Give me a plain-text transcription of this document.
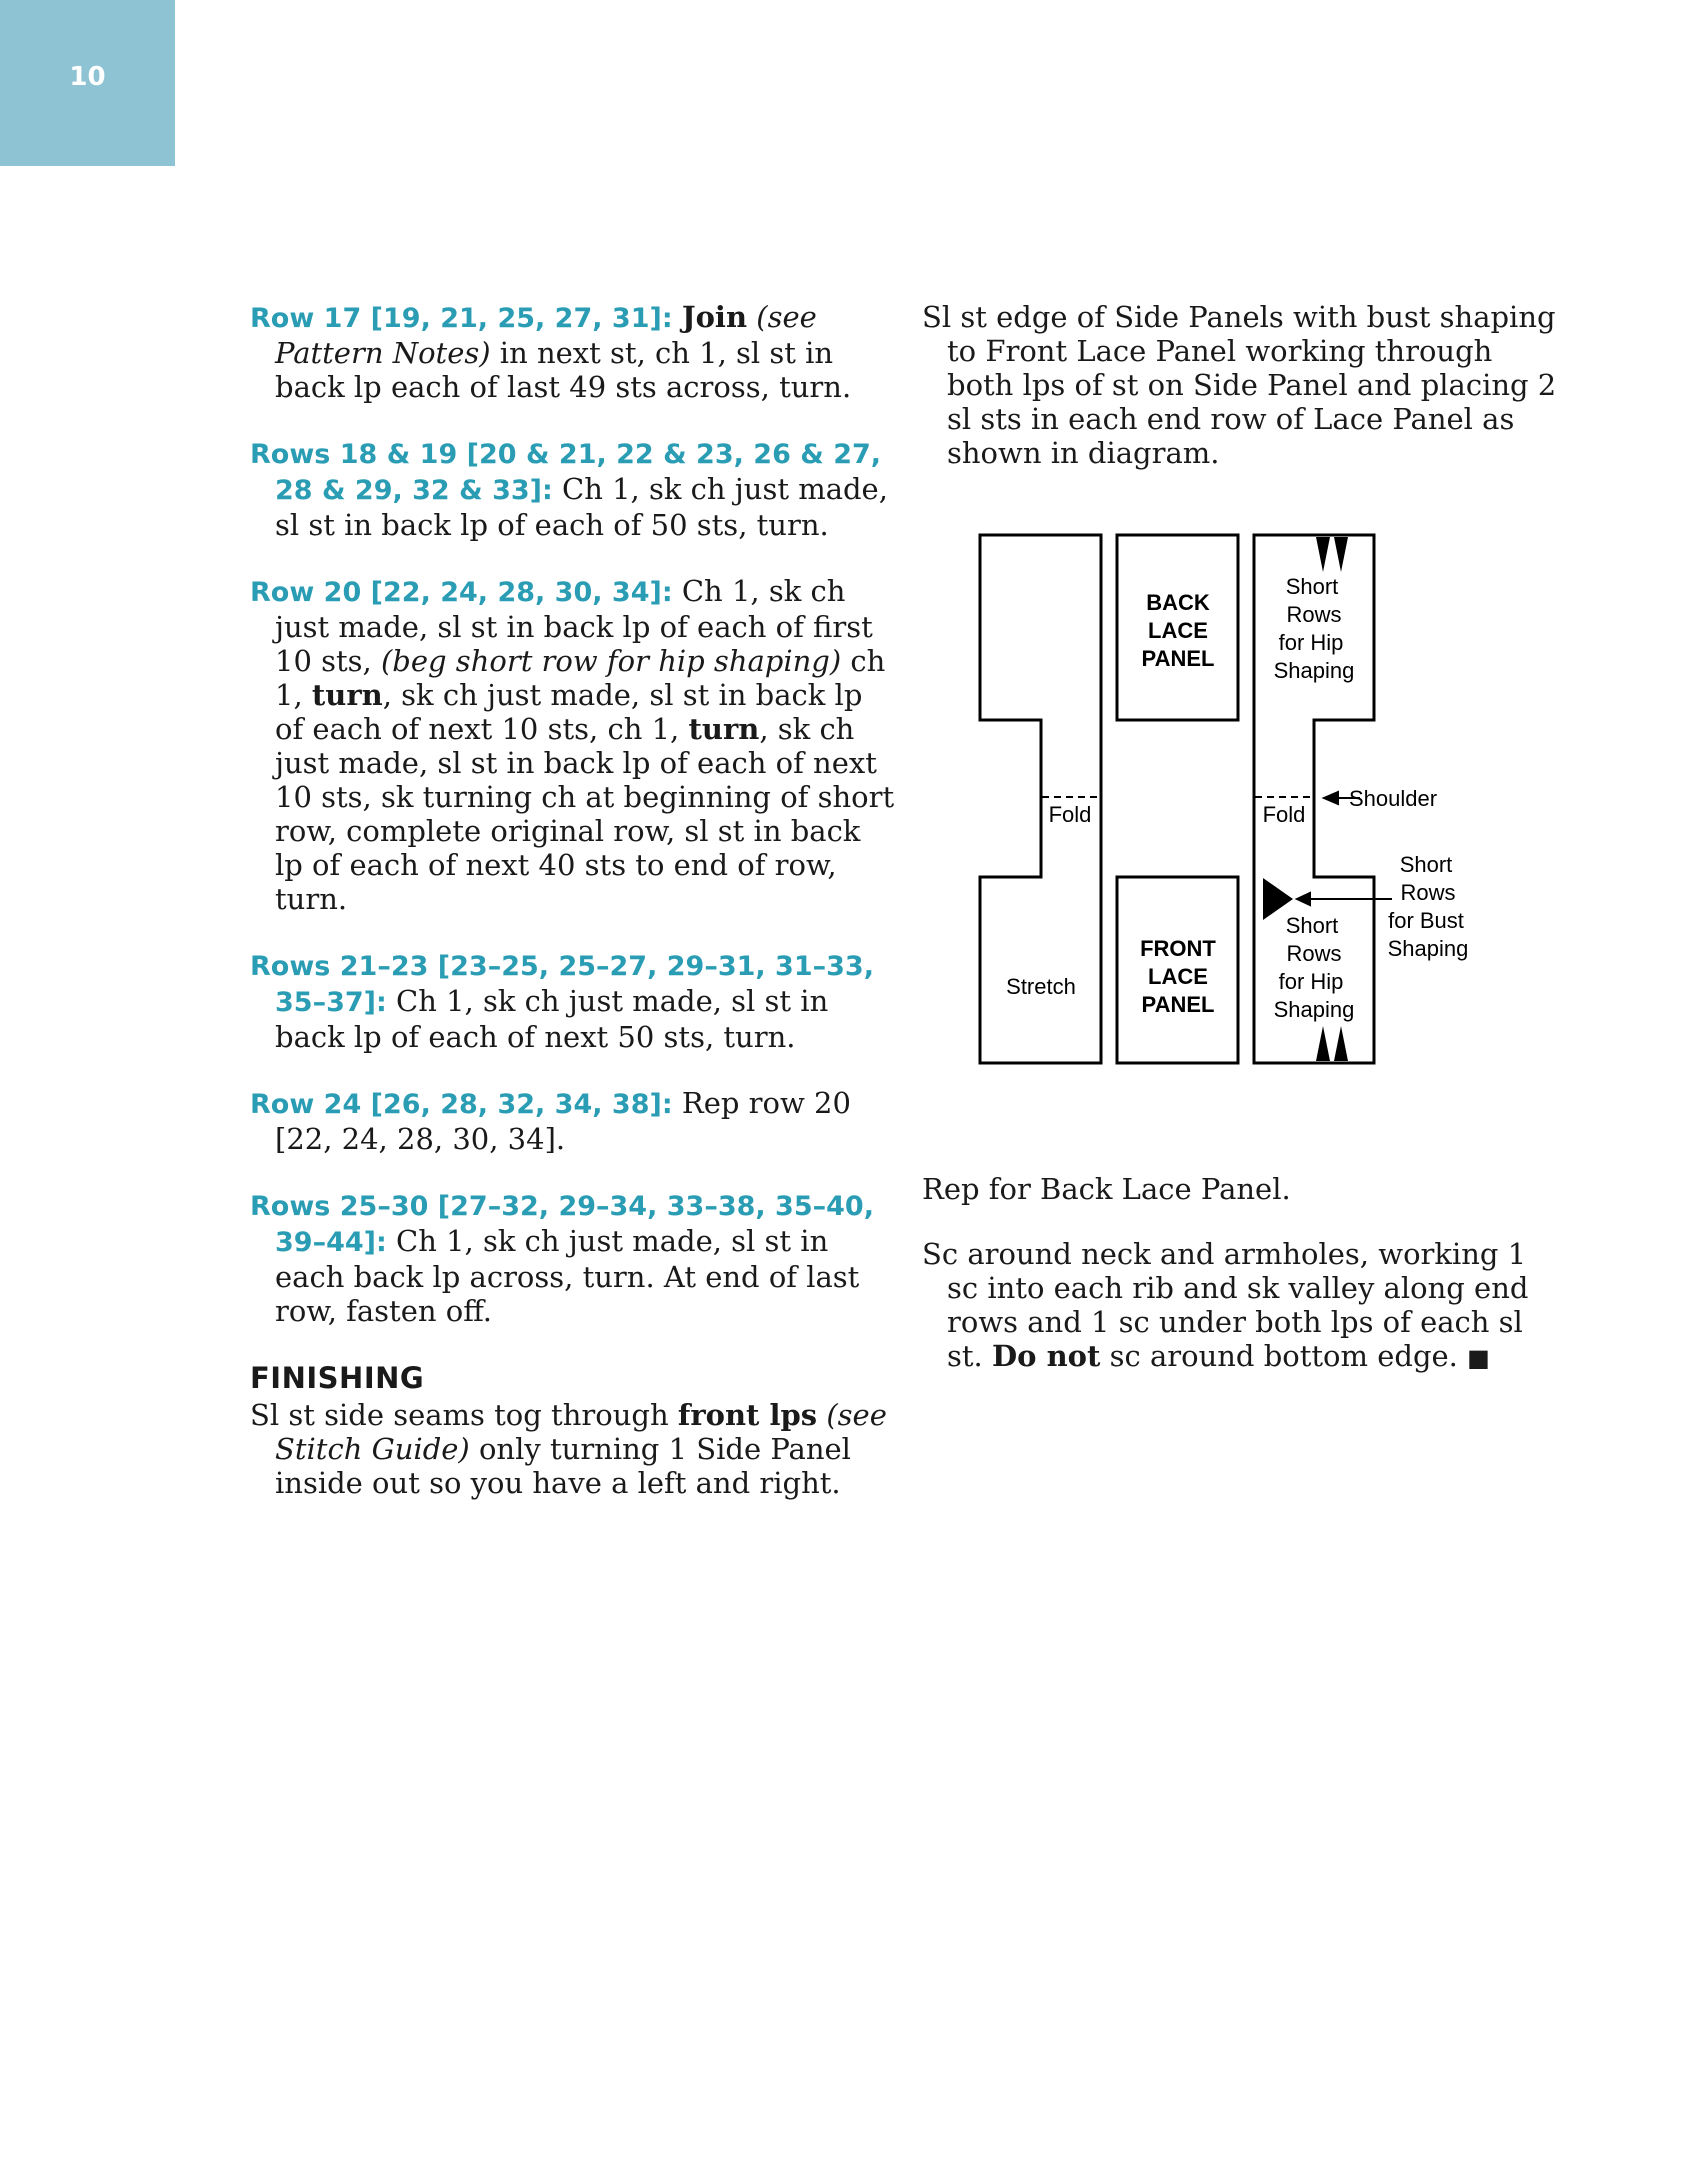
10

Row 17 [19, 21, 25, 27, 31]: Join (see Pattern Notes) in next st, ch 1, sl st in back lp each of last 49 sts across, turn.

Rows 18 & 19 [20 & 21, 22 & 23, 26 & 27, 28 & 29, 32 & 33]: Ch 1, sk ch just made, sl st in back lp of each of 50 sts, turn.

Row 20 [22, 24, 28, 30, 34]: Ch 1, sk ch just made, sl st in back lp of each of first 10 sts, (beg short row for hip shaping) ch 1, turn, sk ch just made, sl st in back lp of each of next 10 sts, ch 1, turn, sk ch just made, sl st in back lp of each of next 10 sts, sk turning ch at beginning of short row, complete original row, sl st in back lp of each of next 40 sts to end of row, turn.

Rows 21–23 [23–25, 25–27, 29–31, 31–33, 35–37]: Ch 1, sk ch just made, sl st in back lp of each of next 50 sts, turn.

Row 24 [26, 28, 32, 34, 38]: Rep row 20 [22, 24, 28, 30, 34].

Rows 25–30 [27–32, 29–34, 33–38, 35–40, 39–44]: Ch 1, sk ch just made, sl st in each back lp across, turn. At end of last row, fasten off.

FINISHING

Sl st side seams tog through front lps (see Stitch Guide) only turning 1 Side Panel inside out so you have a left and right.

Sl st edge of Side Panels with bust shaping to Front Lace Panel working through both lps of st on Side Panel and placing 2 sl sts in each end row of Lace Panel as shown in diagram.

BACK
LACE
PANEL
FRONT
LACE
PANEL
Short
Rows
for Hip
Shaping
Short
Rows
for Hip
Shaping
Short
Rows
for Bust
Shaping
Fold	Fold
Stretch
Shoulder
Rep for Back Lace Panel.

Sc around neck and armholes, working 1 sc into each rib and sk valley along end rows and 1 sc under both lps of each sl st. Do not sc around bottom edge. ■
